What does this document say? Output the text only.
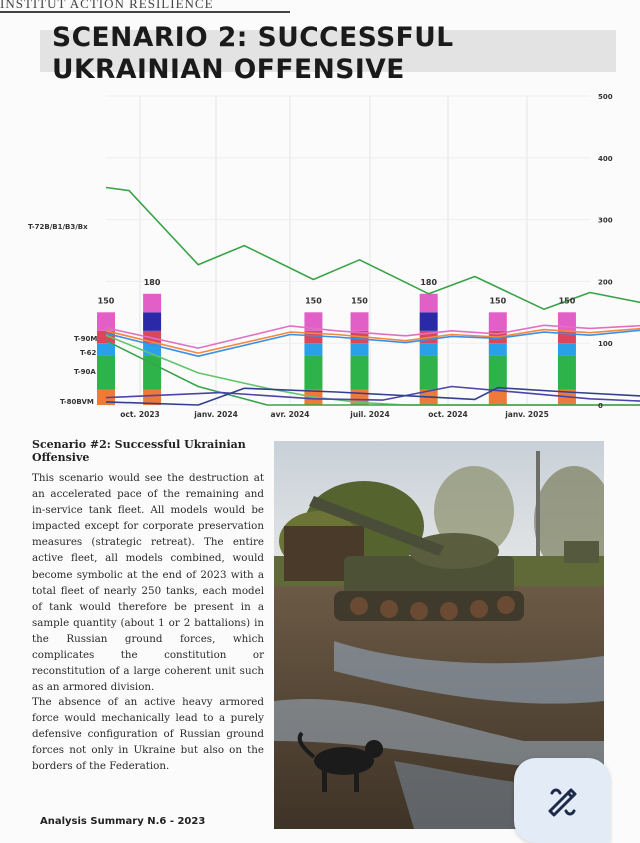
INSTITUT ACTION RESILIENCE
SCENARIO 2: SUCCESSFUL UKRAINIAN OFFENSIVE
0
100
200
300
400
500
oct. 2023	janv. 2024	avr. 2024	juil. 2024	oct. 2024	janv. 2025
150
180
150	150
180
150	150
T-72B/B1/B3/Bx
T-90M
T-62
T-90A
T-80BVM
Scenario #2: Successful Ukrainian Offensive

This scenario would see the destruction at an accelerated pace of the remaining and in-service tank fleet. All models would be impacted except for corporate preservation measures (strategic retreat). The entire active fleet, all models combined, would become symbolic at the end of 2023 with a total fleet of nearly 250 tanks, each model of tank would therefore be present in a sample quantity (about 1 or 2 battalions) in the Russian ground forces, which complicates the constitution or reconstitution of a large coherent unit such as an armored division.

The absence of an active heavy armored force would mechanically lead to a purely defensive configuration of Russian ground forces not only in Ukraine but also on the borders of the Federation.

Analysis Summary N.6 - 2023
